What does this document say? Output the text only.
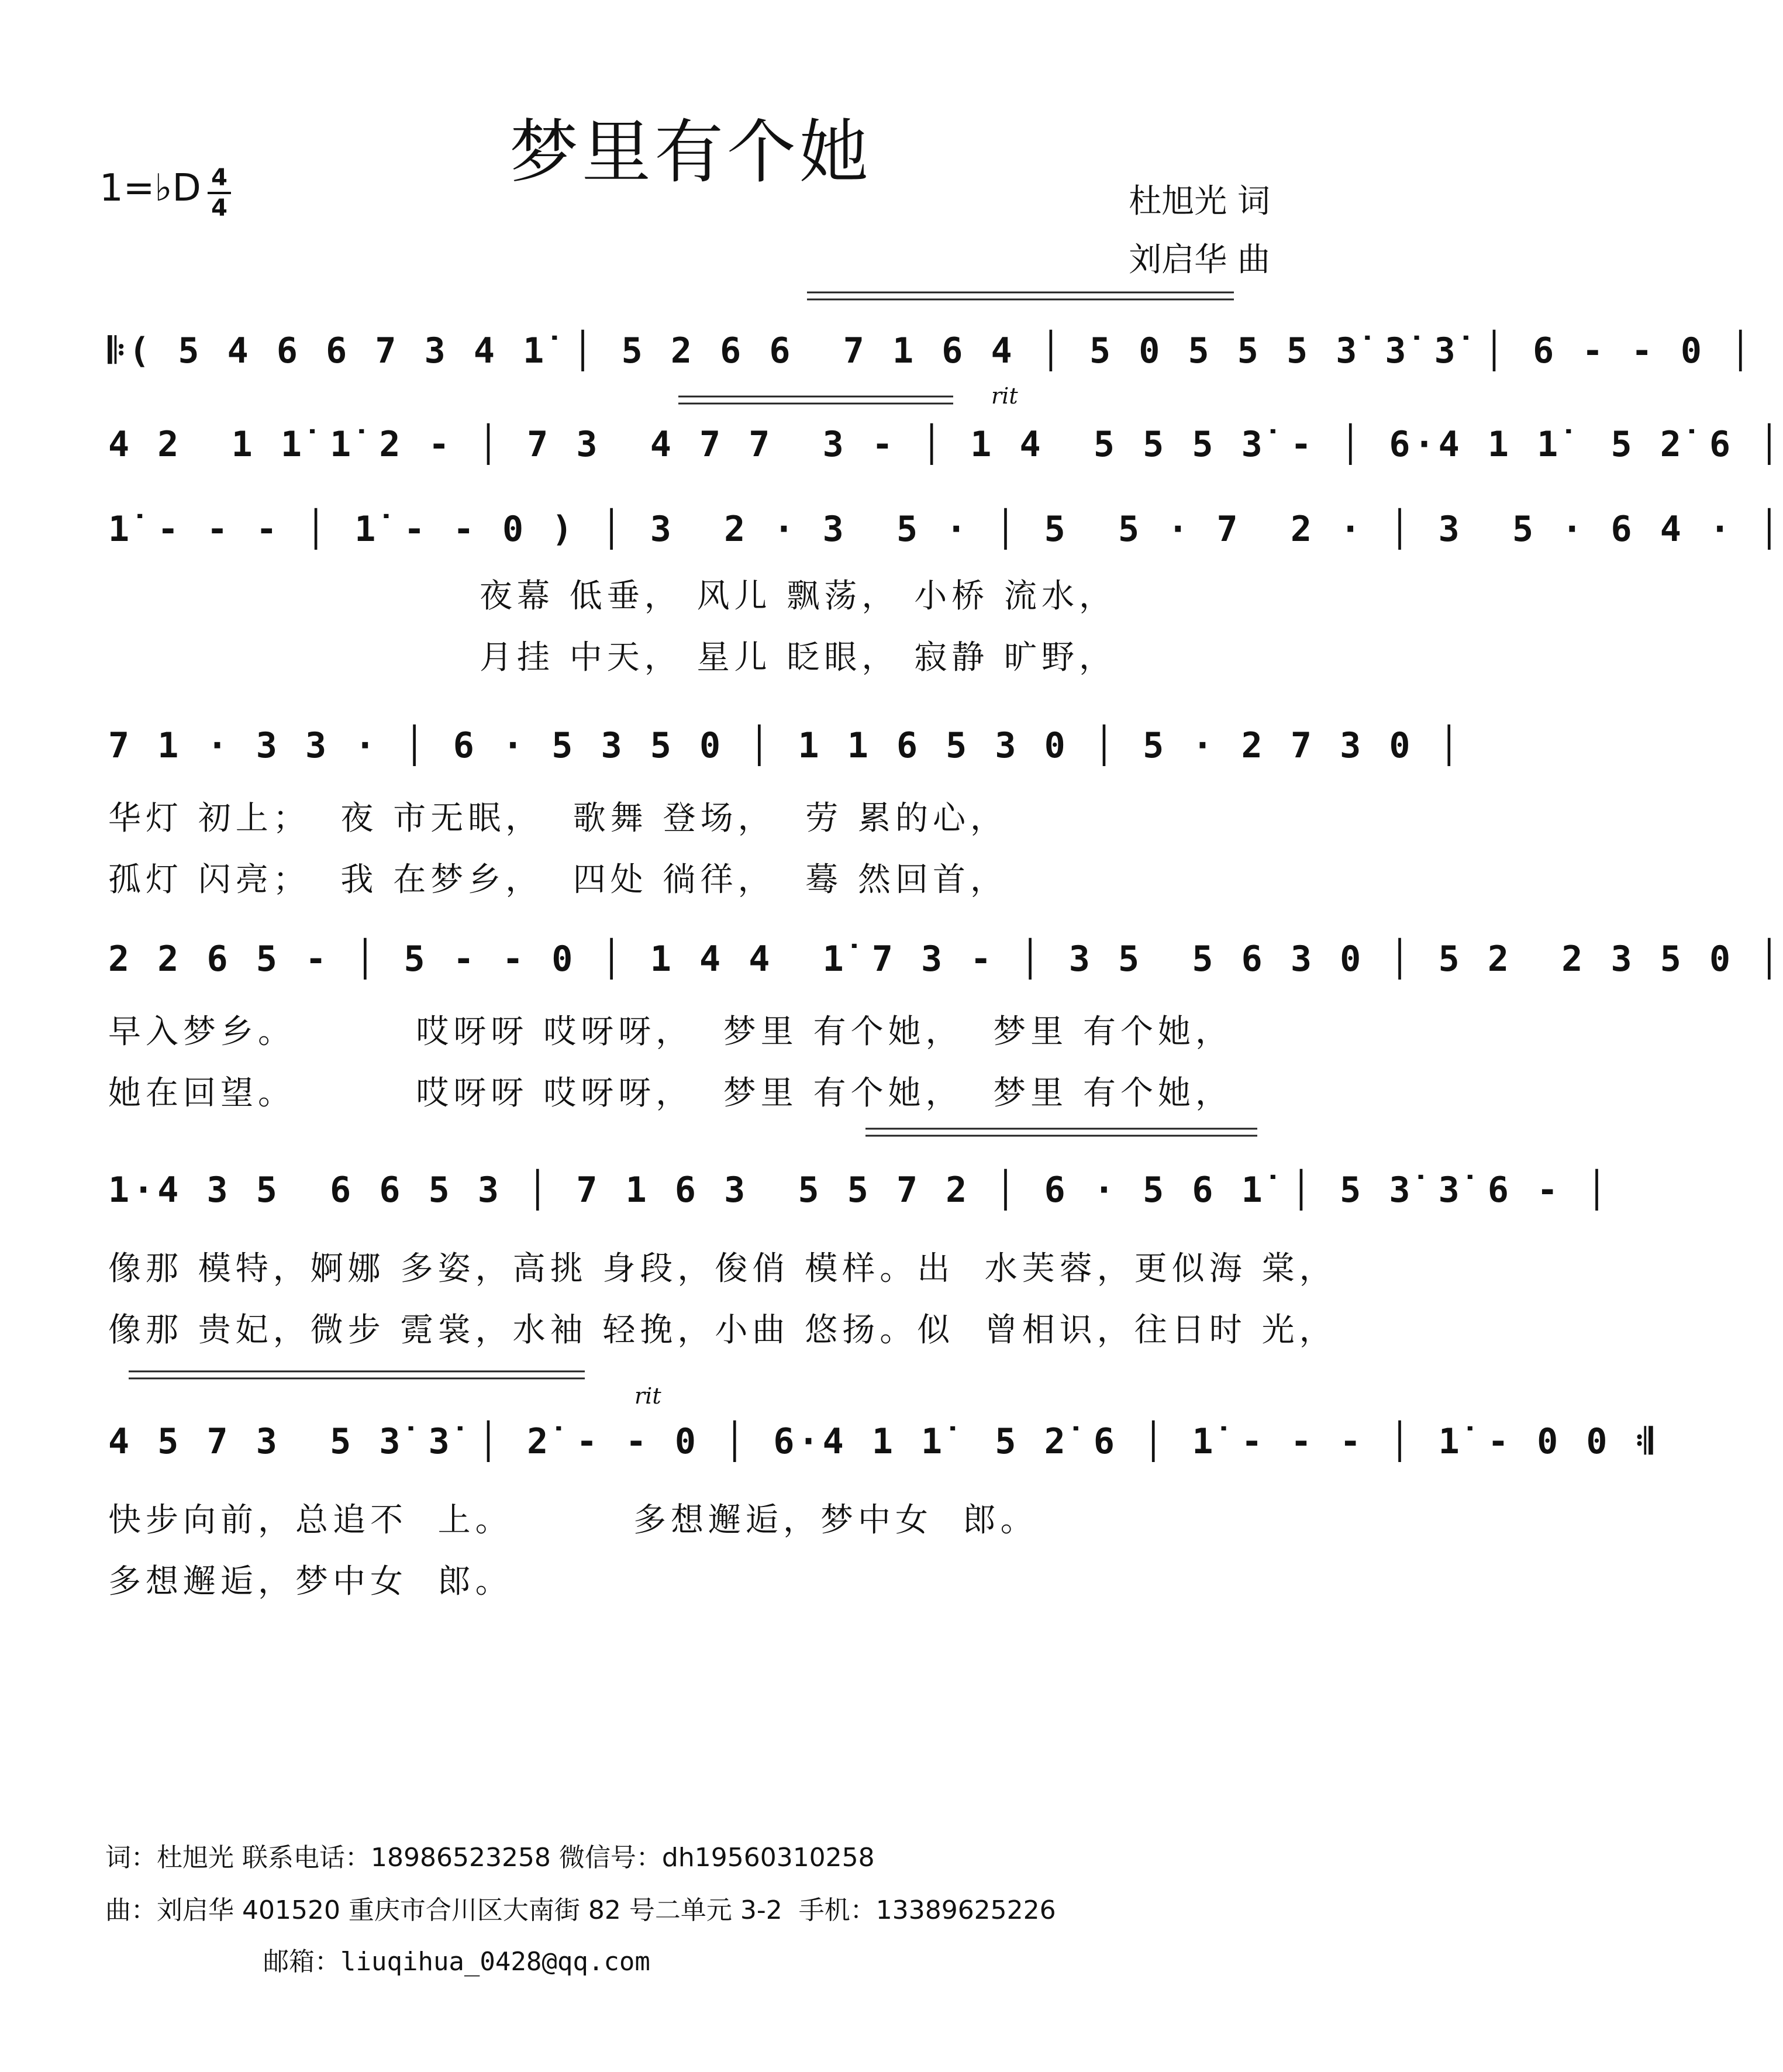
梦里有个她
1=♭D 4
4	杜旭光 词
刘启华 曲
rit
rit
𝄆( 5 4 6 6 7 3 4 1̇ │ 5 2 6 6  7 1 6 4 │ 5 0 5 5 5 3̇ 3̇ 3̇ │ 6 - - 0 │
4 2  1 1̇ 1̇ 2 - │ 7 3  4 7 7  3 - │ 1 4  5 5 5 3̇ - │ 6·4 1 1̇  5 2̇ 6 │
1̇ - - - │ 1̇ - - 0 ) │ 3  2 · 3  5 · │ 5  5 · 7  2 · │ 3  5 · 6 4 · │
夜幕 低垂， 风儿 飘荡， 小桥 流水，
月挂 中天， 星儿 眨眼， 寂静 旷野，
7 1 · 3 3 · │ 6 · 5 3 5 0 │ 1 1 6 5 3 0 │ 5 · 2 7 3 0 │
华灯 初上；  夜 市无眠，  歌舞 登场，  劳 累的心，
孤灯 闪亮；  我 在梦乡，  四处 徜徉，  蓦 然回首，
2 2 6 5 - │ 5 - - 0 │ 1 4 4  1̇ 7 3 - │ 3 5  5 6 3 0 │ 5 2  2 3 5 0 │
早入梦乡。        哎呀呀 哎呀呀，  梦里 有个她，  梦里 有个她，
她在回望。        哎呀呀 哎呀呀，  梦里 有个她，  梦里 有个她，
1·4 3 5  6 6 5 3 │ 7 1 6 3  5 5 7 2 │ 6 · 5 6 1̇ │ 5 3̇ 3̇ 6 - │
像那 模特，婀娜 多姿，高挑 身段，俊俏 模样。出  水芙蓉，更似海 棠，
像那 贵妃，微步 霓裳，水袖 轻挽，小曲 悠扬。似  曾相识，往日时 光，
4 5 7 3  5 3̇ 3̇ │ 2̇ - - 0 │ 6·4 1 1̇  5 2̇ 6 │ 1̇ - - - │ 1̇ - 0 0 𝄇
快步向前，总追不  上。        多想邂逅，梦中女  郎。
多想邂逅，梦中女  郎。
词：杜旭光 联系电话：18986523258 微信号：dh19560310258
曲：刘启华 401520 重庆市合川区大南街 82 号二单元 3-2  手机：13389625226
邮箱：liuqihua_0428@qq.com
